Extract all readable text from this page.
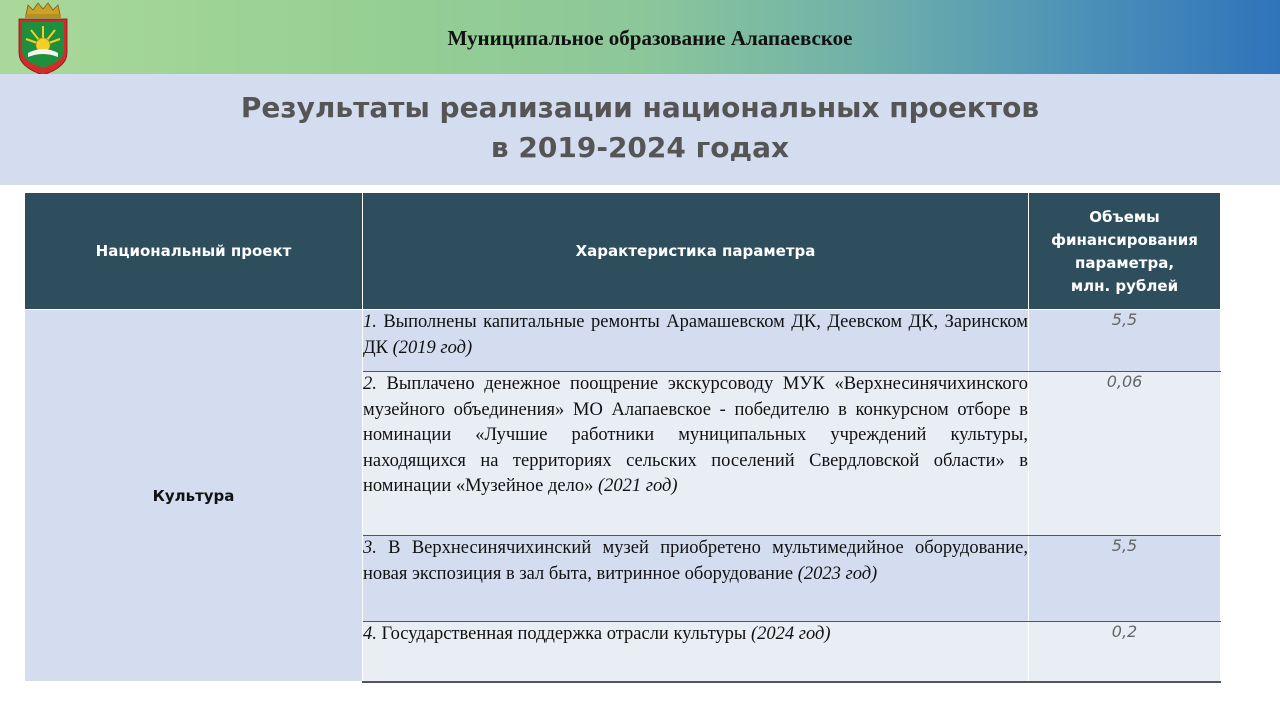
Муниципальное образование Алапаевское
Результаты реализации национальных проектов
в 2019-2024 годах
Национальный проект	Характеристика параметра	Объемы
финансирования
параметра,
млн. рублей

Культура	1. Выполнены капитальные ремонты Арамашевском ДК, Деевском ДК, Заринском ДК (2019 год)	5,5
	2. Выплачено денежное поощрение экскурсоводу МУК «Верхнесинячихинского музейного объединения» МО Алапаевское - победителю в конкурсном отборе в номинации «Лучшие работники муниципальных учреждений культуры, находящихся на территориях сельских поселений Свердловской области» в номинации «Музейное дело» (2021 год)	0,06
	3. В Верхнесинячихинский музей приобретено мультимедийное оборудование, новая экспозиция в зал быта, витринное оборудование (2023 год)	5,5
	4. Государственная поддержка отрасли культуры (2024 год)	0,2
